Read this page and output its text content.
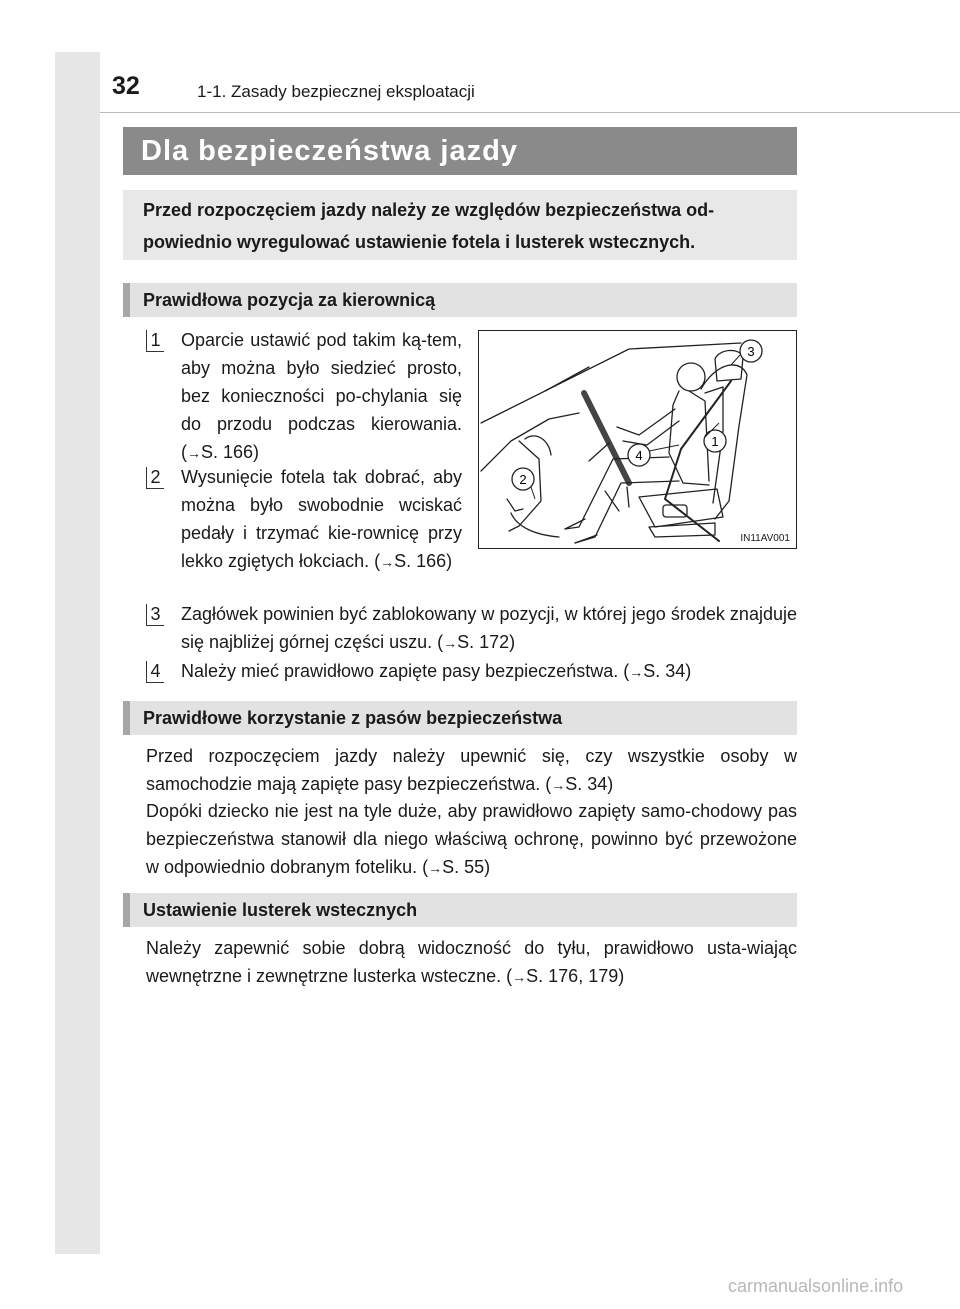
32	1-1. Zasady bezpiecznej eksploatacji
Dla bezpieczeństwa jazdy
Przed rozpoczęciem jazdy należy ze względów bezpieczeństwa od-powiednio wyregulować ustawienie fotela i lusterek wstecznych.
Prawidłowa pozycja za kierownicą
1 Oparcie ustawić pod takim ką-tem, aby można było siedzieć prosto, bez konieczności po-chylania się do przodu podczas kierowania. (→S. 166)
2 Wysunięcie fotela tak dobrać, aby można było swobodnie wciskać pedały i trzymać kie-rownicę przy lekko zgiętych łokciach. (→S. 166)
3 Zagłówek powinien być zablokowany w pozycji, w której jego środek znajduje się najbliżej górnej części uszu. (→S. 172)
4 Należy mieć prawidłowo zapięte pasy bezpieczeństwa. (→S. 34)
3
1
4
2
IN11AV001
Prawidłowe korzystanie z pasów bezpieczeństwa
Przed rozpoczęciem jazdy należy upewnić się, czy wszystkie osoby w samochodzie mają zapięte pasy bezpieczeństwa. (→S. 34)
Dopóki dziecko nie jest na tyle duże, aby prawidłowo zapięty samo-chodowy pas bezpieczeństwa stanowił dla niego właściwą ochronę, powinno być przewożone w odpowiednio dobranym foteliku. (→S. 55)
Ustawienie lusterek wstecznych
Należy zapewnić sobie dobrą widoczność do tyłu, prawidłowo usta-wiając wewnętrzne i zewnętrzne lusterka wsteczne. (→S. 176, 179)
carmanualsonline.info
